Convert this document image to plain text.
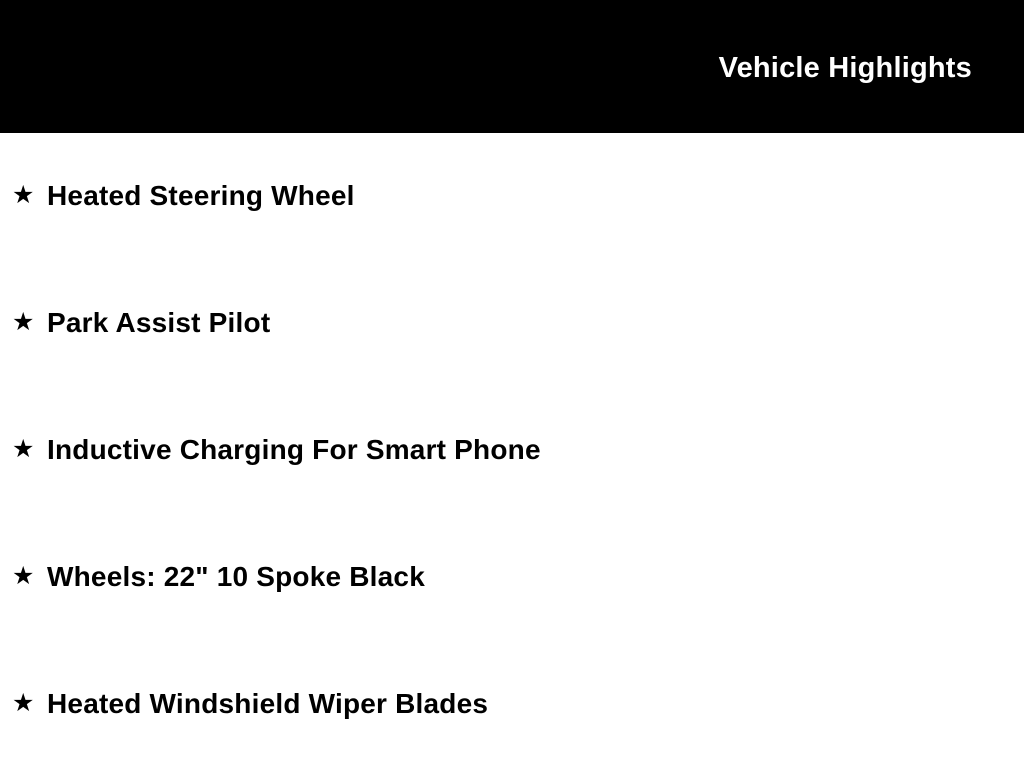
Vehicle Highlights
★ Heated Steering Wheel
★ Park Assist Pilot
★ Inductive Charging For Smart Phone
★ Wheels: 22" 10 Spoke Black
★ Heated Windshield Wiper Blades
